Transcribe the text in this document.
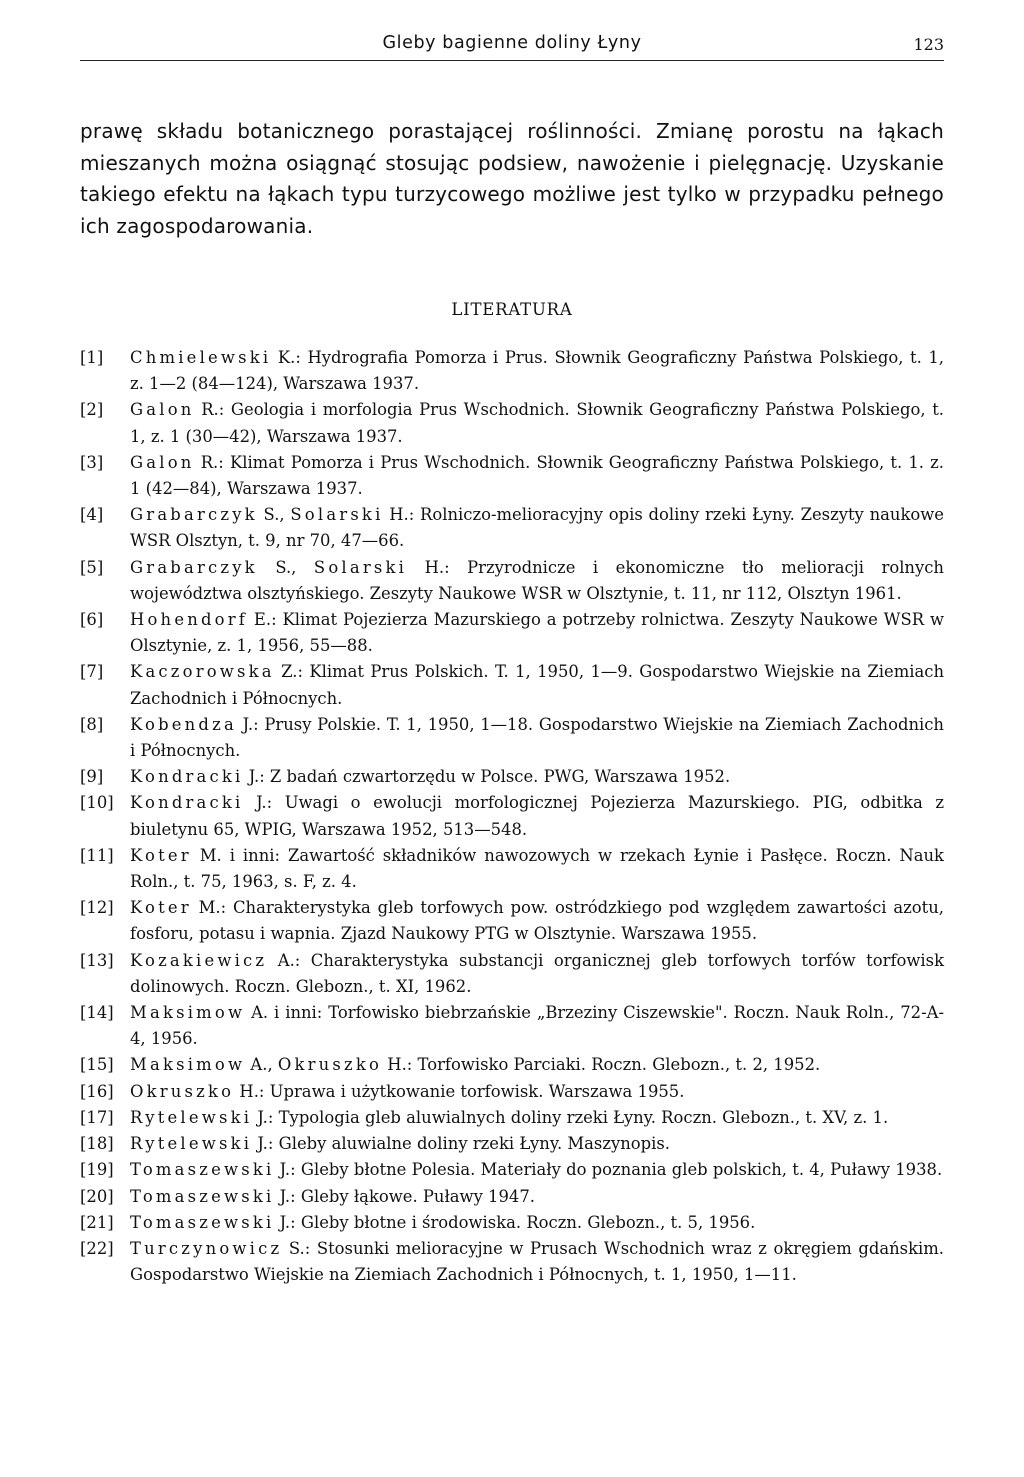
Gleby bagienne doliny Łyny	123

prawę składu botanicznego porastającej roślinności. Zmianę porostu na łąkach mieszanych można osiągnąć stosując podsiew, nawożenie i pielęgnację. Uzyskanie takiego efektu na łąkach typu turzycowego możliwe jest tylko w przypadku pełnego ich zagospodarowania.

LITERATURA
[1]	Chmielewski K.: Hydrografia Pomorza i Prus. Słownik Geograficzny Państwa Polskiego, t. 1, z. 1—2 (84—124), Warszawa 1937.
[2]	Galon R.: Geologia i morfologia Prus Wschodnich. Słownik Geograficzny Państwa Polskiego, t. 1, z. 1 (30—42), Warszawa 1937.
[3]	Galon R.: Klimat Pomorza i Prus Wschodnich. Słownik Geograficzny Państwa Polskiego, t. 1. z. 1 (42—84), Warszawa 1937.
[4]	Grabarczyk S., Solarski H.: Rolniczo-melioracyjny opis doliny rzeki Łyny. Zeszyty naukowe WSR Olsztyn, t. 9, nr 70, 47—66.
[5]	Grabarczyk S., Solarski H.: Przyrodnicze i ekonomiczne tło melioracji rolnych województwa olsztyńskiego. Zeszyty Naukowe WSR w Olsztynie, t. 11, nr 112, Olsztyn 1961.
[6]	Hohendorf E.: Klimat Pojezierza Mazurskiego a potrzeby rolnictwa. Zeszyty Naukowe WSR w Olsztynie, z. 1, 1956, 55—88.
[7]	Kaczorowska Z.: Klimat Prus Polskich. T. 1, 1950, 1—9. Gospodarstwo Wiejskie na Ziemiach Zachodnich i Północnych.
[8]	Kobendza J.: Prusy Polskie. T. 1, 1950, 1—18. Gospodarstwo Wiejskie na Ziemiach Zachodnich i Północnych.
[9]	Kondracki J.: Z badań czwartorzędu w Polsce. PWG, Warszawa 1952.
[10] Kondracki J.: Uwagi o ewolucji morfologicznej Pojezierza Mazurskiego. PIG, odbitka z biuletynu 65, WPIG, Warszawa 1952, 513—548.
[11] Koter M. i inni: Zawartość składników nawozowych w rzekach Łynie i Pasłęce. Roczn. Nauk Roln., t. 75, 1963, s. F, z. 4.
[12] Koter M.: Charakterystyka gleb torfowych pow. ostródzkiego pod względem zawartości azotu, fosforu, potasu i wapnia. Zjazd Naukowy PTG w Olsztynie. Warszawa 1955.
[13] Kozakiewicz A.: Charakterystyka substancji organicznej gleb torfowych torfów torfowisk dolinowych. Roczn. Glebozn., t. XI, 1962.
[14] Maksimow A. i inni: Torfowisko biebrzańskie „Brzeziny Ciszewskie". Roczn. Nauk Roln., 72-A-4, 1956.
[15] Maksimow A., Okruszko H.: Torfowisko Parciaki. Roczn. Glebozn., t. 2, 1952.
[16] Okruszko H.: Uprawa i użytkowanie torfowisk. Warszawa 1955.
[17] Rytelewski J.: Typologia gleb aluwialnych doliny rzeki Łyny. Roczn. Glebozn., t. XV, z. 1.
[18] Rytelewski J.: Gleby aluwialne doliny rzeki Łyny. Maszynopis.
[19] Tomaszewski J.: Gleby błotne Polesia. Materiały do poznania gleb polskich, t. 4, Puławy 1938.
[20] Tomaszewski J.: Gleby łąkowe. Puławy 1947.
[21] Tomaszewski J.: Gleby błotne i środowiska. Roczn. Glebozn., t. 5, 1956.
[22] Turczynowicz S.: Stosunki melioracyjne w Prusach Wschodnich wraz z okręgiem gdańskim. Gospodarstwo Wiejskie na Ziemiach Zachodnich i Północnych, t. 1, 1950, 1—11.
